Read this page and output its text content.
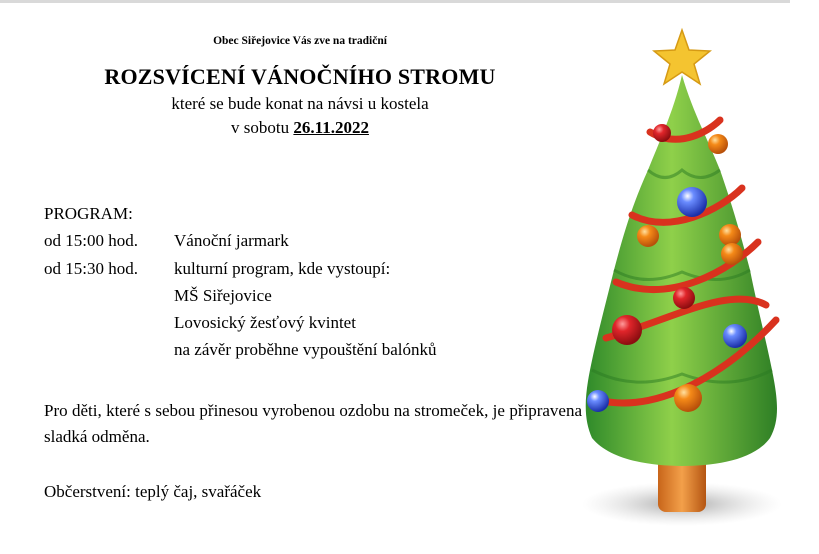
Obec Siřejovice Vás zve na tradiční
ROZSVÍCENÍ VÁNOČNÍHO STROMU
které se bude konat na návsi u kostela
v sobotu 26.11.2022
PROGRAM:
od 15:00 hod. Vánoční jarmark
od 15:30 hod. kulturní program, kde vystoupí:
MŠ Siřejovice
Lovosický žesťový kvintet
na závěr proběhne vypouštění balónků
Pro děti, které s sebou přinesou vyrobenou ozdobu na stromeček, je připravena sladká odměna.
Občerstvení: teplý čaj, svařáček
